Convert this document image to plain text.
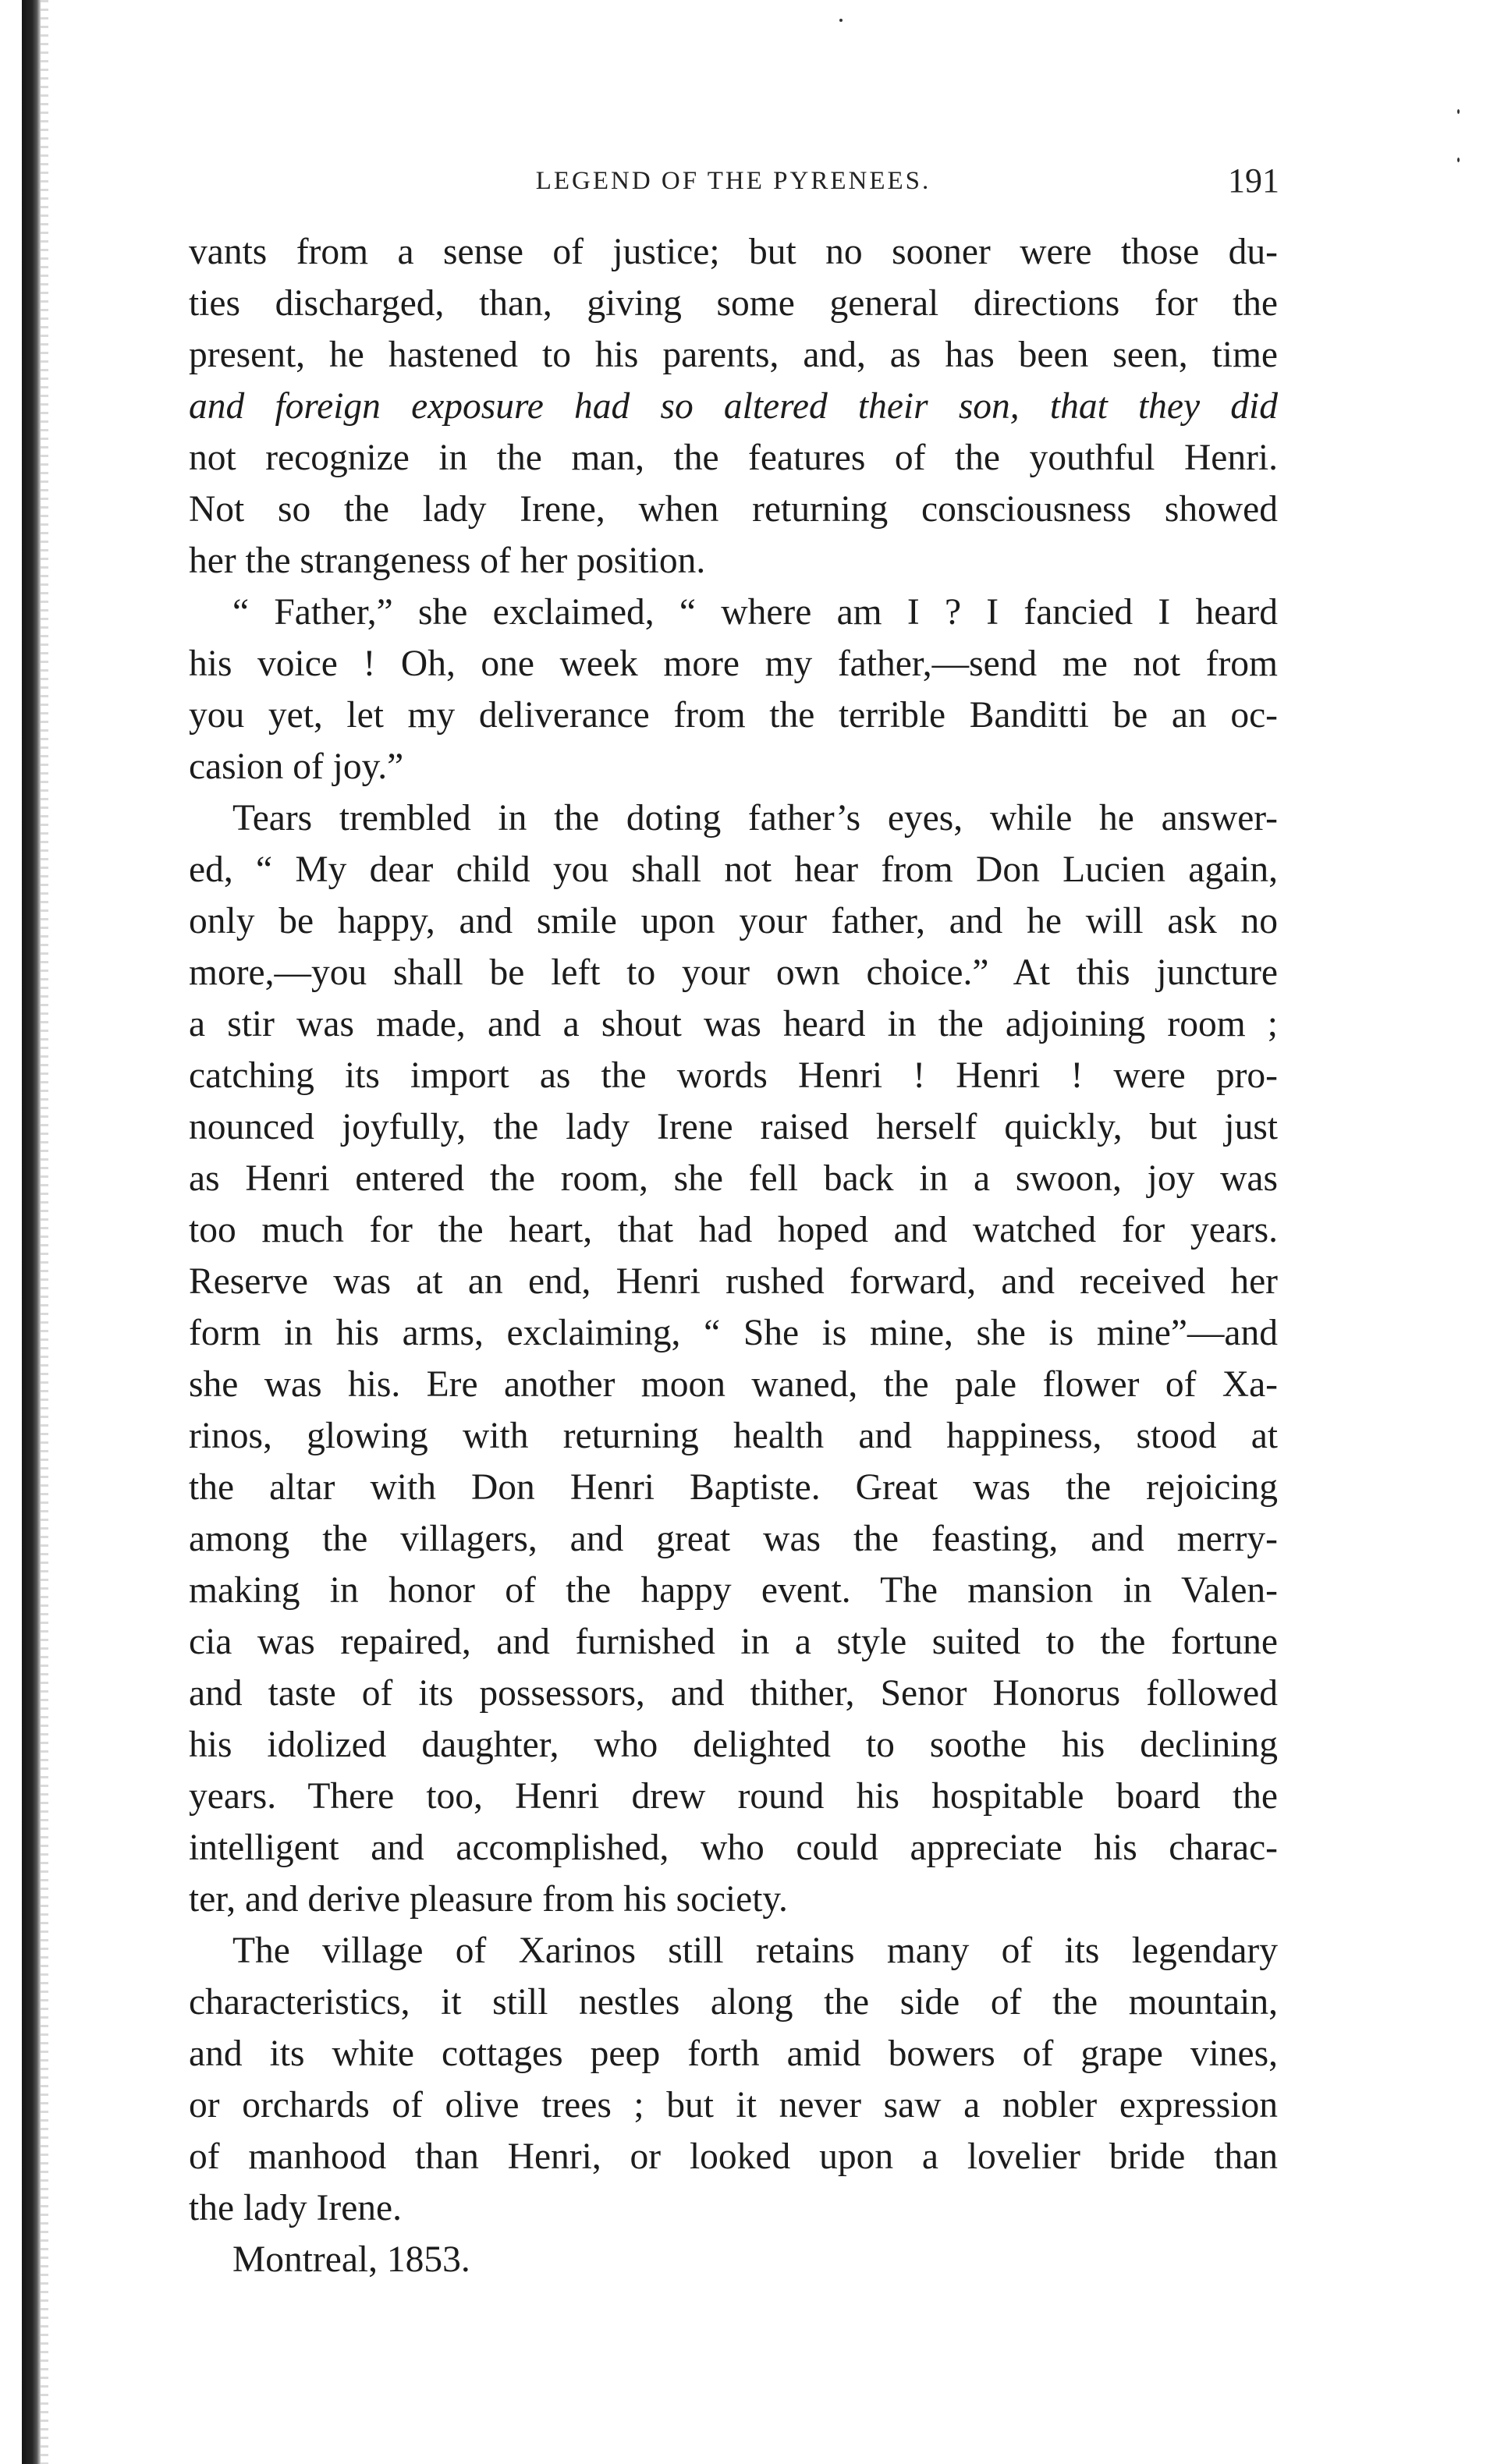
LEGEND OF THE PYRENEES.	191
vants from a sense of justice; but no sooner were those du-
ties discharged, than, giving some general directions for the
present, he hastened to his parents, and, as has been seen, time
and foreign exposure had so altered their son, that they did
not recognize in the man, the features of the youthful Henri.
Not so the lady Irene, when returning consciousness showed
her the strangeness of her position.
“ Father,” she exclaimed, “ where am I ? I fancied I heard
his voice ! Oh, one week more my father,—send me not from
you yet, let my deliverance from the terrible Banditti be an oc-
casion of joy.”
Tears trembled in the doting father’s eyes, while he answer-
ed, “ My dear child you shall not hear from Don Lucien again,
only be happy, and smile upon your father, and he will ask no
more,—you shall be left to your own choice.” At this juncture
a stir was made, and a shout was heard in the adjoining room ;
catching its import as the words Henri ! Henri ! were pro-
nounced joyfully, the lady Irene raised herself quickly, but just
as Henri entered the room, she fell back in a swoon, joy was
too much for the heart, that had hoped and watched for years.
Reserve was at an end, Henri rushed forward, and received her
form in his arms, exclaiming, “ She is mine, she is mine”—and
she was his. Ere another moon waned, the pale flower of Xa-
rinos, glowing with returning health and happiness, stood at
the altar with Don Henri Baptiste. Great was the rejoicing
among the villagers, and great was the feasting, and merry-
making in honor of the happy event. The mansion in Valen-
cia was repaired, and furnished in a style suited to the fortune
and taste of its possessors, and thither, Senor Honorus followed
his idolized daughter, who delighted to soothe his declining
years. There too, Henri drew round his hospitable board the
intelligent and accomplished, who could appreciate his charac-
ter, and derive pleasure from his society.
The village of Xarinos still retains many of its legendary
characteristics, it still nestles along the side of the mountain,
and its white cottages peep forth amid bowers of grape vines,
or orchards of olive trees ; but it never saw a nobler expression
of manhood than Henri, or looked upon a lovelier bride than
the lady Irene.
Montreal, 1853.
